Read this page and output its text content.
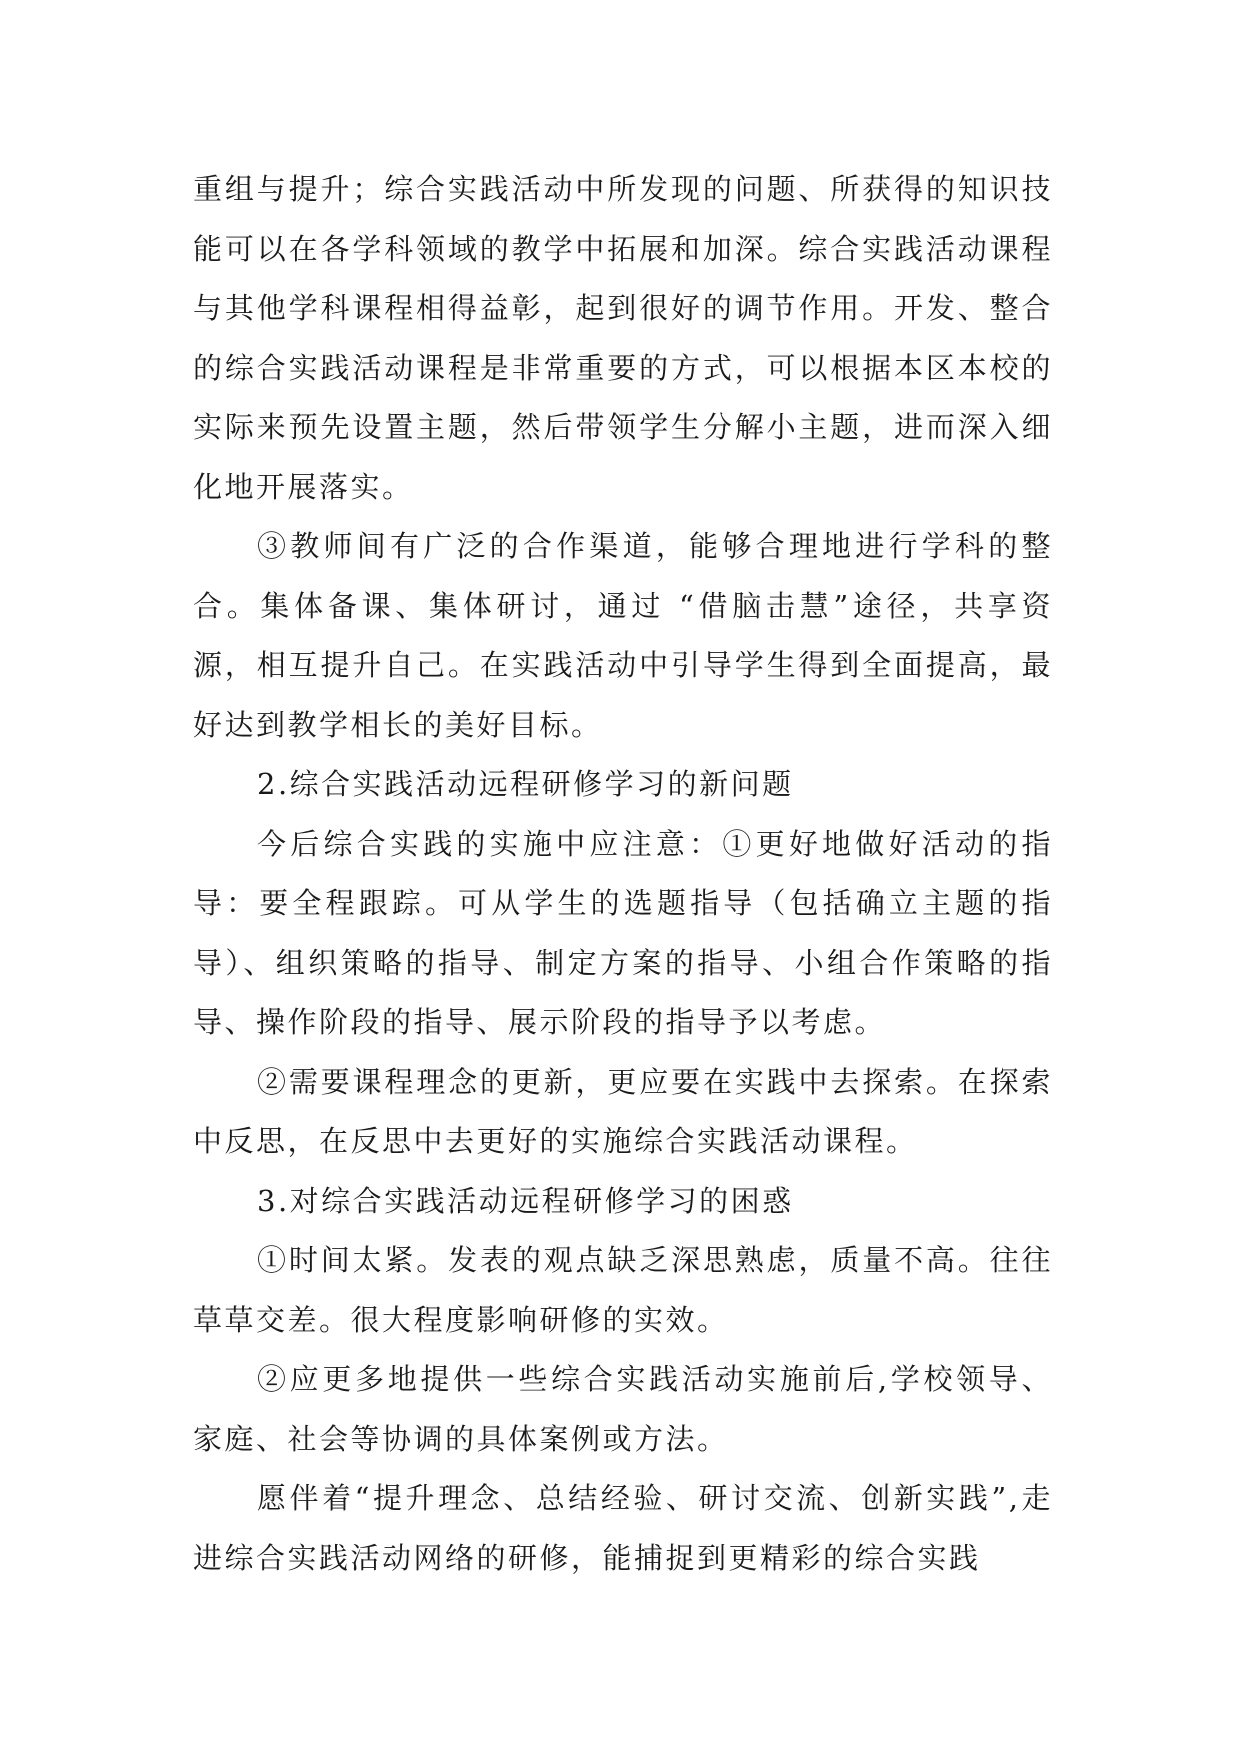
重组与提升；综合实践活动中所发现的问题、所获得的知识技能可以在各学科领域的教学中拓展和加深。综合实践活动课程与其他学科课程相得益彰，起到很好的调节作用。开发、整合的综合实践活动课程是非常重要的方式，可以根据本区本校的实际来预先设置主题，然后带领学生分解小主题，进而深入细化地开展落实。

③教师间有广泛的合作渠道，能够合理地进行学科的整合。集体备课、集体研讨，通过 “借脑击慧”途径，共享资源，相互提升自己。在实践活动中引导学生得到全面提高，最好达到教学相长的美好目标。

2.综合实践活动远程研修学习的新问题

今后综合实践的实施中应注意：①更好地做好活动的指导：要全程跟踪。可从学生的选题指导（包括确立主题的指导）、组织策略的指导、制定方案的指导、小组合作策略的指导、操作阶段的指导、展示阶段的指导予以考虑。

②需要课程理念的更新，更应要在实践中去探索。在探索中反思，在反思中去更好的实施综合实践活动课程。

3.对综合实践活动远程研修学习的困惑

①时间太紧。发表的观点缺乏深思熟虑，质量不高。往往草草交差。很大程度影响研修的实效。

②应更多地提供一些综合实践活动实施前后,学校领导、家庭、社会等协调的具体案例或方法。

愿伴着“提升理念、总结经验、研讨交流、创新实践”,走进综合实践活动网络的研修，能捕捉到更精彩的综合实践
